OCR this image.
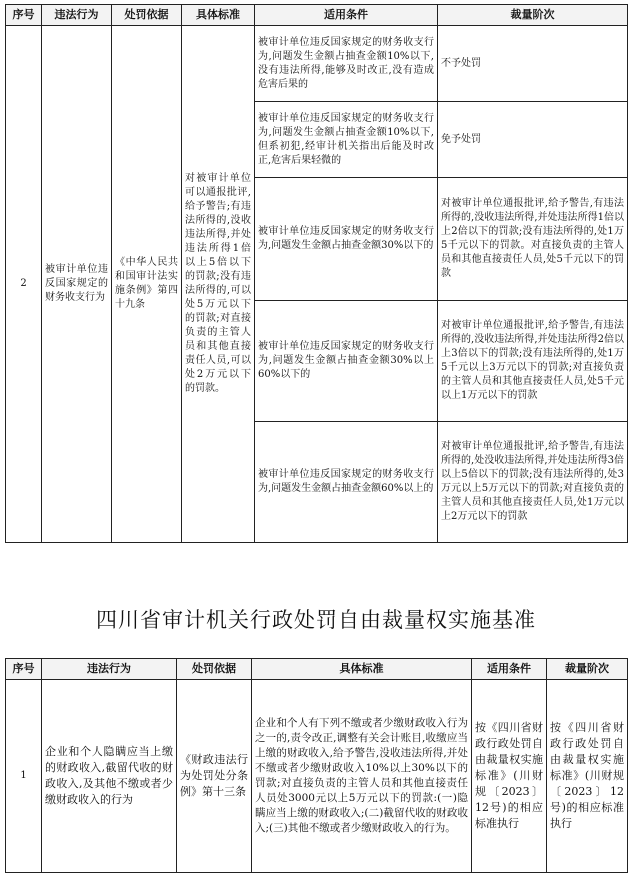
序号	违法行为	处罚依据	具体标准	适用条件	裁量阶次
2	被审计单位违反国家规定的财务收支行为	《中华人民共和国审计法实施条例》第四十九条	对被审计单位可以通报批评,给予警告;有违法所得的,没收违法所得,并处违法所得1倍以上5倍以下的罚款;没有违法所得的,可以处5万元以下的罚款;对直接负责的主管人员和其他直接责任人员,可以处2万元以下的罚款。	被审计单位违反国家规定的财务收支行为,问题发生金额占抽查金额10%以下,没有违法所得,能够及时改正,没有造成危害后果的	不予处罚
				被审计单位违反国家规定的财务收支行为,问题发生金额占抽查金额10%以下,但系初犯,经审计机关指出后能及时改正,危害后果轻微的	免予处罚
				被审计单位违反国家规定的财务收支行为,问题发生金额占抽查金额30%以下的	对被审计单位通报批评,给予警告,有违法所得的,没收违法所得,并处违法所得1倍以上2倍以下的罚款;没有违法所得的,处1万5千元以下的罚款。对直接负责的主管人员和其他直接责任人员,处5千元以下的罚款
				被审计单位违反国家规定的财务收支行为,问题发生金额占抽查金额30%以上60%以下的	对被审计单位通报批评,给予警告,有违法所得的,没收违法所得,并处违法所得2倍以上3倍以下的罚款;没有违法所得的,处1万5千元以上3万元以下的罚款;对直接负责的主管人员和其他直接责任人员,处5千元以上1万元以下的罚款
				被审计单位违反国家规定的财务收支行为,问题发生金额占抽查金额60%以上的	对被审计单位通报批评,给予警告,有违法所得的,处没收违法所得,并处违法所得3倍以上5倍以下的罚款;没有违法所得的,处3万元以上5万元以下的罚款;对直接负责的主管人员和其他直接责任人员,处1万元以上2万元以下的罚款
四川省审计机关行政处罚自由裁量权实施基准
序号	违法行为	处罚依据	具体标准	适用条件	裁量阶次
1	企业和个人隐瞒应当上缴的财政收入,截留代收的财政收入,及其他不缴或者少缴财政收入的行为	《财政违法行为处罚处分条例》第十三条	企业和个人有下列不缴或者少缴财政收入行为之一的,责令改正,调整有关会计账目,收缴应当上缴的财政收入,给予警告,没收违法所得,并处不缴或者少缴财政收入10%以上30%以下的罚款;对直接负责的主管人员和其他直接责任人员处3000元以上5万元以下的罚款:(一)隐瞒应当上缴的财政收入;(二)截留代收的财政收入;(三)其他不缴或者少缴财政收入的行为。	按《四川省财政行政处罚自由裁量权实施标准》(川财规〔2023〕12号)的相应标准执行	按《四川省财政行政处罚自由裁量权实施标准》(川财规〔2023〕12号)的相应标准执行
